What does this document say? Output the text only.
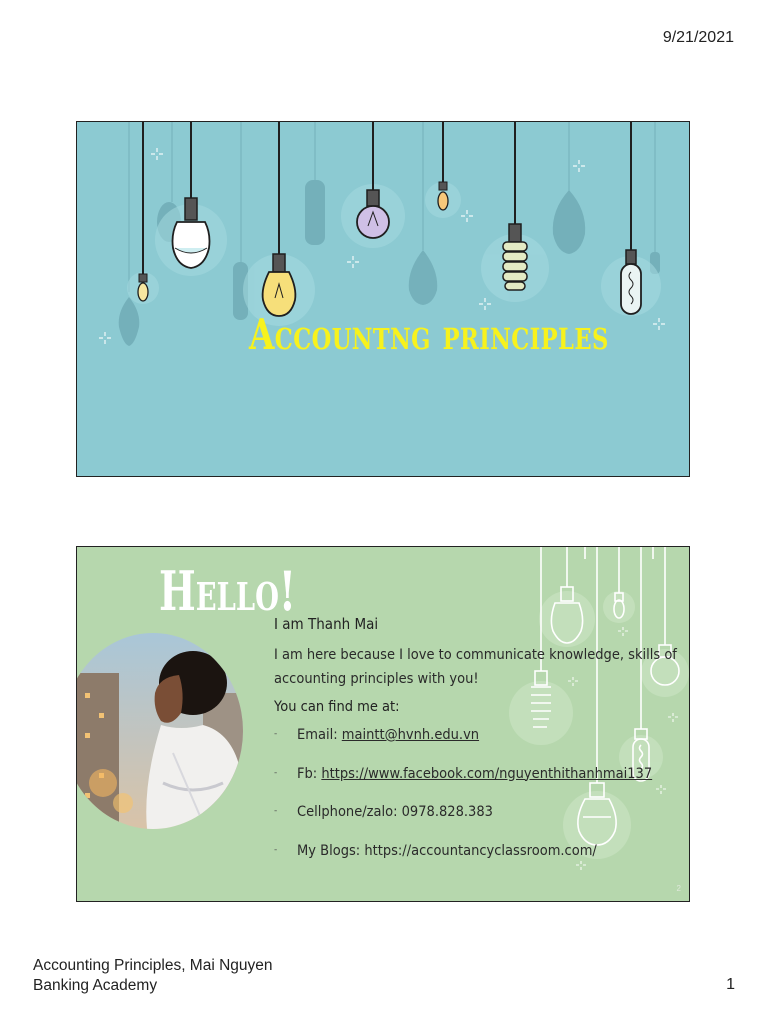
9/21/2021
Accountng principles
Hello!
I am Thanh Mai
I am here because I love to communicate knowledge, skills of accounting principles with you!
You can find me at:
- Email: maintt@hvnh.edu.vn
- Fb: https://www.facebook.com/nguyenthithanhmai137
- Cellphone/zalo: 0978.828.383
- My Blogs: https://accountancyclassroom.com/
2
Accounting Principles, Mai Nguyen
Banking Academy	1
